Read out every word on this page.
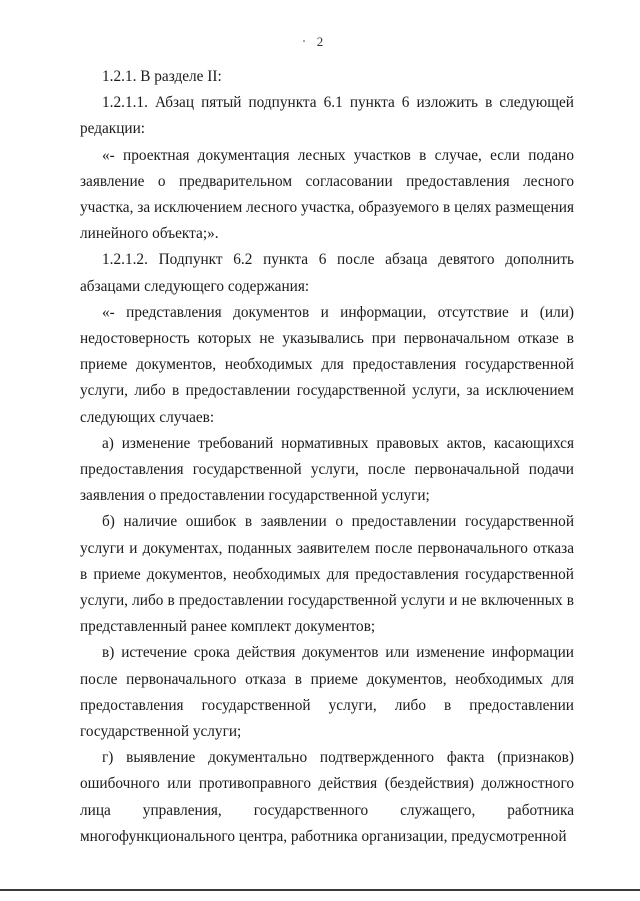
2

1.2.1. В разделе II:

1.2.1.1. Абзац пятый подпункта 6.1 пункта 6 изложить в следующей редакции:

«- проектная документация лесных участков в случае, если подано заявление о предварительном согласовании предоставления лесного участка, за исключением лесного участка, образуемого в целях размещения линейного объекта;».

1.2.1.2. Подпункт 6.2 пункта 6 после абзаца девятого дополнить абзацами следующего содержания:

«- представления документов и информации, отсутствие и (или) недостоверность которых не указывались при первоначальном отказе в приеме документов, необходимых для предоставления государственной услуги, либо в предоставлении государственной услуги, за исключением следующих случаев:

а) изменение требований нормативных правовых актов, касающихся предоставления государственной услуги, после первоначальной подачи заявления о предоставлении государственной услуги;

б) наличие ошибок в заявлении о предоставлении государственной услуги и документах, поданных заявителем после первоначального отказа в приеме документов, необходимых для предоставления государственной услуги, либо в предоставлении государственной услуги и не включенных в представленный ранее комплект документов;

в) истечение срока действия документов или изменение информации после первоначального отказа в приеме документов, необходимых для предоставления государственной услуги, либо в предоставлении государственной услуги;

г) выявление документально подтвержденного факта (признаков) ошибочного или противоправного действия (бездействия) должностного лица управления, государственного служащего, работника многофункционального центра, работника организации, предусмотренной
